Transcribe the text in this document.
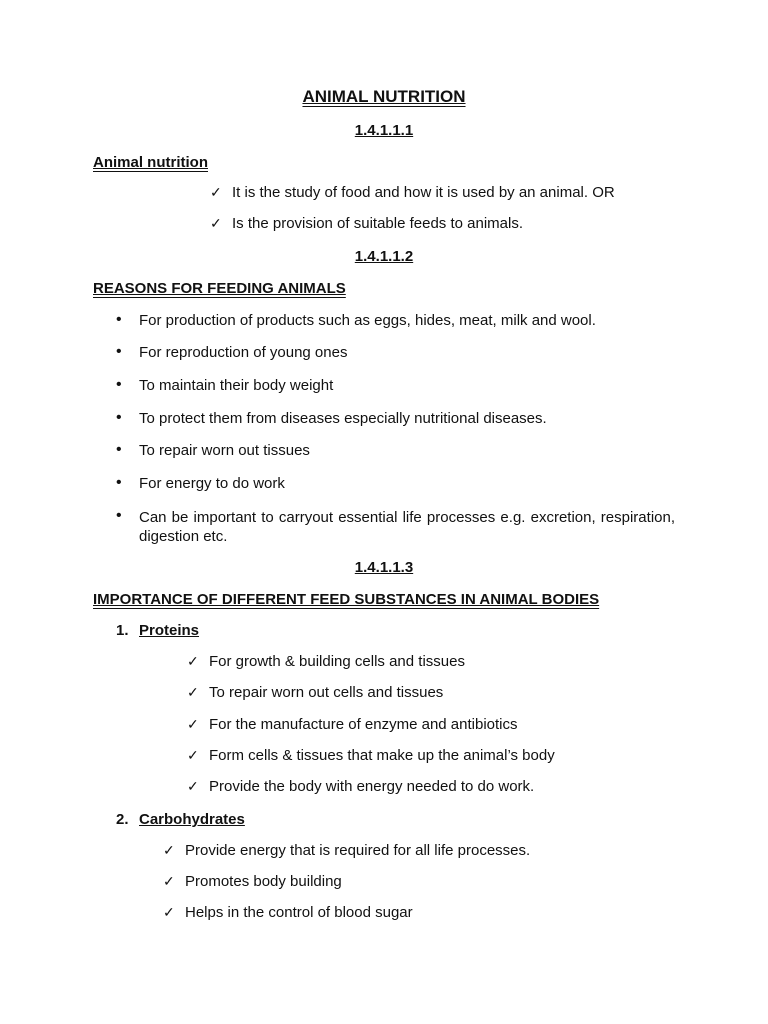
ANIMAL NUTRITION
1.4.1.1.1
Animal nutrition
✓ It is the study of food and how it is used by an animal. OR
✓ Is the provision of suitable feeds to animals.
1.4.1.1.2
REASONS FOR FEEDING ANIMALS
• For production of products such as eggs, hides, meat, milk and wool.
• For reproduction of young ones
• To maintain their body weight
• To protect them from diseases especially nutritional diseases.
• To repair worn out tissues
• For energy to do work
• Can be important to carryout essential life processes e.g. excretion, respiration, digestion etc.
1.4.1.1.3
IMPORTANCE OF DIFFERENT FEED SUBSTANCES IN ANIMAL BODIES
1. Proteins
✓ For growth & building cells and tissues
✓ To repair worn out cells and tissues
✓ For the manufacture of enzyme and antibiotics
✓ Form cells & tissues that make up the animal’s body
✓ Provide the body with energy needed to do work.
2. Carbohydrates
✓ Provide energy that is required for all life processes.
✓ Promotes body building
✓ Helps in the control of blood sugar
